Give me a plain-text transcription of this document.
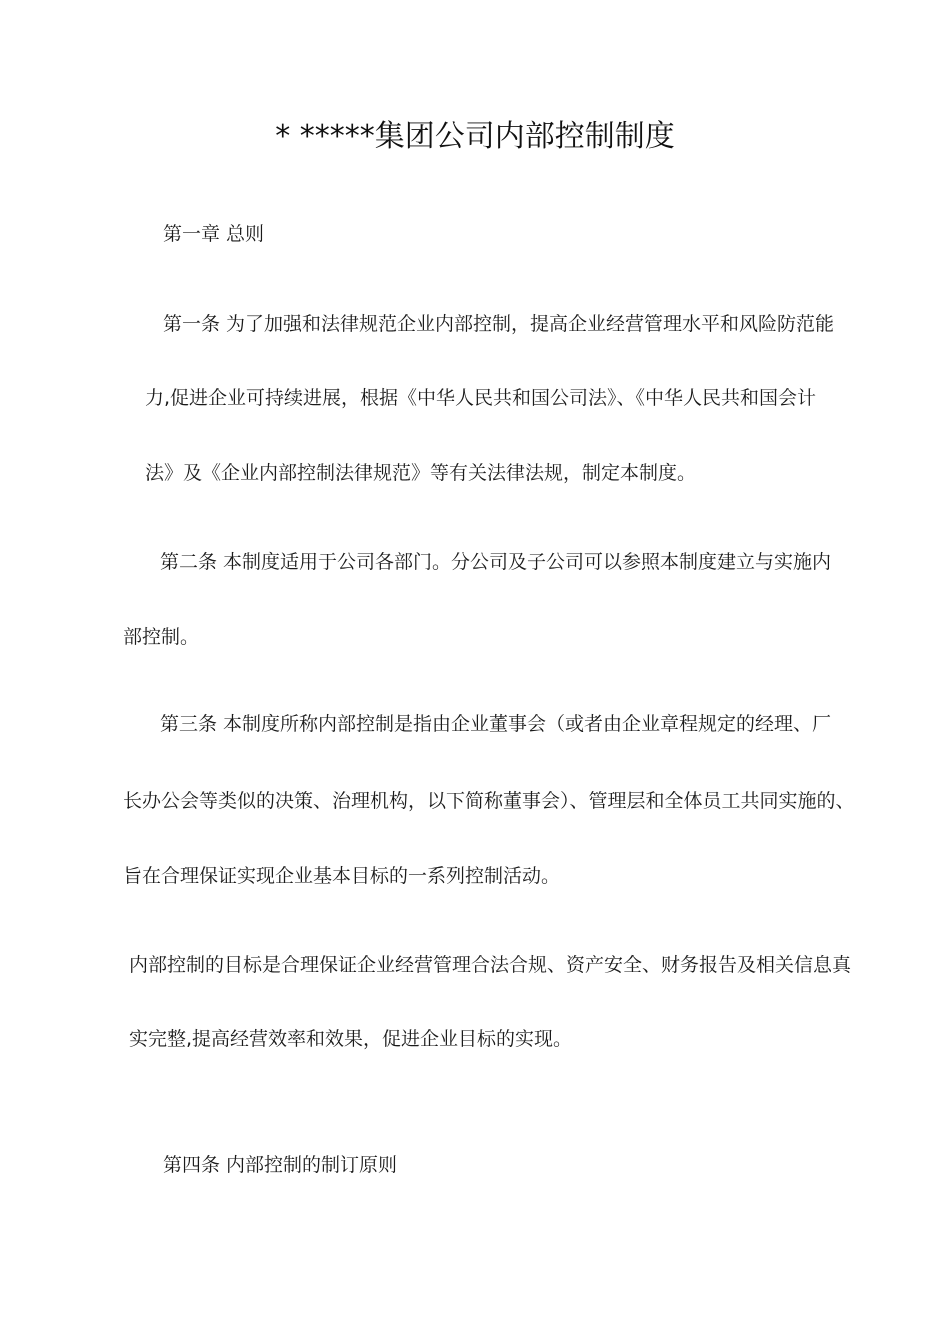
* *****集团公司内部控制制度
第一章 总则
第一条 为了加强和法律规范企业内部控制，提高企业经营管理水平和风险防范能
力,促进企业可持续进展，根据《中华人民共和国公司法》、《中华人民共和国会计
法》及《企业内部控制法律规范》等有关法律法规，制定本制度。
第二条 本制度适用于公司各部门。分公司及子公司可以参照本制度建立与实施内
部控制。
第三条 本制度所称内部控制是指由企业董事会（或者由企业章程规定的经理、厂
长办公会等类似的决策、治理机构，以下简称董事会）、管理层和全体员工共同实施的、
旨在合理保证实现企业基本目标的一系列控制活动。
内部控制的目标是合理保证企业经营管理合法合规、资产安全、财务报告及相关信息真
实完整,提高经营效率和效果，促进企业目标的实现。
第四条 内部控制的制订原则
